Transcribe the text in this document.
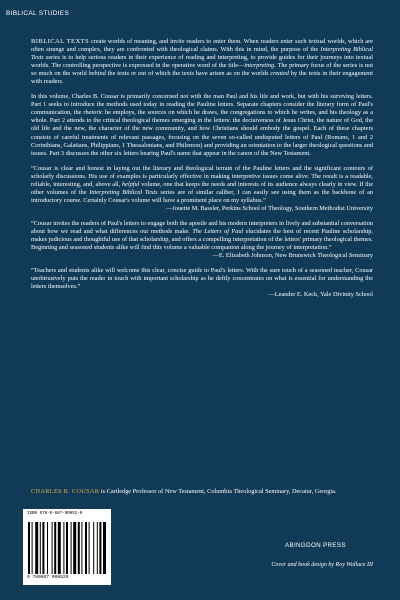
BIBLICAL STUDIES

BIBLICAL TEXTS create worlds of meaning, and invite readers to enter them. When readers enter such textual worlds, which are often strange and complex, they are confronted with theological claims. With this in mind, the purpose of the Interpreting Biblical Texts series is to help serious readers in their experience of reading and interpreting, to provide guides for their journeys into textual worlds. The controlling perspective is expressed in the operative word of the title—interpreting. The primary focus of the series is not so much on the world behind the texts or out of which the texts have arisen as on the worlds created by the texts in their engagement with readers.

In this volume, Charles B. Cousar is primarily concerned not with the man Paul and his life and work, but with his surviving letters. Part 1 seeks to introduce the methods used today in reading the Pauline letters. Separate chapters consider the literary form of Paul's communication, the rhetoric he employs, the sources on which he draws, the congregations to which he writes, and his theology as a whole. Part 2 attends to the critical theological themes emerging in the letters: the decisiveness of Jesus Christ, the nature of God, the old life and the new, the character of the new community, and how Christians should embody the gospel. Each of these chapters consists of careful treatments of relevant passages, focusing on the seven so-called undisputed letters of Paul (Romans, 1 and 2 Corinthians, Galatians, Philippians, 1 Thessalonians, and Philemon) and providing an orientation to the larger theological questions and issues. Part 3 discusses the other six letters bearing Paul's name that appear in the canon of the New Testament.

“Cousar is clear and honest in laying out the literary and theological terrain of the Pauline letters and the significant contours of scholarly discussions. His use of examples is particularly effective in making interpretive issues come alive. The result is a readable, reliable, interesting, and, above all, helpful volume, one that keeps the needs and interests of its audience always clearly in view. If the other volumes of the Interpreting Biblical Texts series are of similar caliber, I can easily see using them as the backbone of an introductory course. Certainly Cousar's volume will have a prominent place on my syllabus.”
—Jouette M. Bassler, Perkins School of Theology, Southern Methodist University

“Cousar invites the readers of Paul's letters to engage both the apostle and his modern interpreters in lively and substantial conversation about how we read and what differences our methods make. The Letters of Paul elucidates the best of recent Pauline scholarship, makes judicious and thoughtful use of that scholarship, and offers a compelling interpretation of the letters' primary theological themes. Beginning and seasoned students alike will find this volume a valuable companion along the journey of interpretation.”
—E. Elizabeth Johnson, New Brunswick Theological Seminary

“Teachers and students alike will welcome this clear, concise guide to Paul's letters. With the sure touch of a seasoned teacher, Cousar unobtrusively puts the reader in touch with important scholarship as he deftly concentrates on what is essential for understanding the letters themselves.”
—Leander E. Keck, Yale Divinity School

CHARLES B. COUSAR is Cartledge Professor of New Testament, Columbia Theological Seminary, Decatur, Georgia.
ISBN 978-0-687-00852-0
9 780687 008520
ABINGDON PRESS
Cover and book design by Roy Wallace III
